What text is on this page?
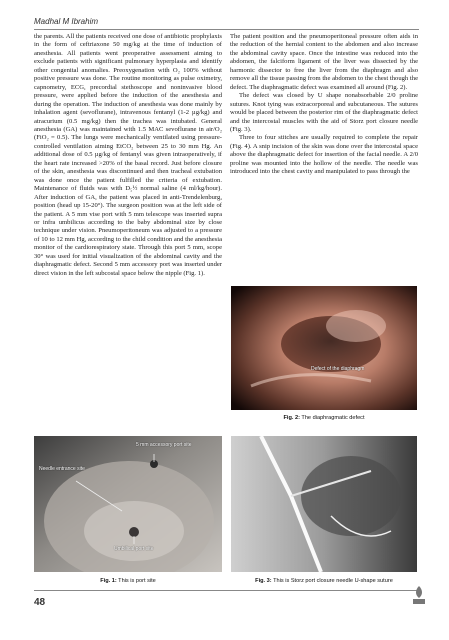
Madhal M Ibrahim

the parents. All the patients received one dose of antibiotic prophylaxis in the form of ceftriaxone 50 mg/kg at the time of induction of anesthesia. All patients went preoperative assessment aiming to exclude patients with significant pulmonary hyperplasia and identify other congenital anomalies. Preoxygenation with O₂ 100% without positive pressure was done. The routine monitoring as pulse oximetry, capnometry, ECG, precordial stethoscope and noninvasive blood pressure, were applied before the induction of the anesthesia and during the operation. The induction of anesthesia was done mainly by inhalation agent (sevoflurane), intravenous fentanyl (1-2 µg/kg) and atracurium (0.5 mg/kg) then the trachea was intubated. General anesthesia (GA) was maintained with 1.5 MAC sevoflurane in air/O₂ (FiO₂ = 0.5). The lungs were mechanically ventilated using pressure-controlled ventilation aiming EtCO₂ between 25 to 30 mm Hg. An additional dose of 0.5 µg/kg of fentanyl was given intraoperatively, if the heart rate increased >20% of the basal record. Just before closure of the skin, anesthesia was discontinued and then tracheal extubation was done once the patient fulfilled the criteria of extubation. Maintenance of fluids was with D₅½ normal saline (4 ml/kg/hour). After induction of GA, the patient was placed in anti-Trendelenburg, position (head up 15-20°). The surgeon position was at the left side of the patient. A 5 mm vise port with 5 mm telescope was inserted supra or infra umbilicus according to the baby abdominal size by close technique under vision. Pneumoperitoneum was adjusted to a pressure of 10 to 12 mm Hg, according to the child condition and the anesthesia monitor of the cardiorespiratory state. Through this port 5 mm, scope 30° was used for initial visualization of the abdominal cavity and the diaphragmatic defect. Second 5 mm accessory port was inserted under direct vision in the left subcostal space below the nipple (Fig. 1).

The patient position and the pneumoperitoneal pressure often aids in the reduction of the hernial content to the abdomen and also increase the abdominal cavity space. Once the intestine was reduced into the abdomen, the falciform ligament of the liver was dissected by the harmonic dissector to free the liver from the diaphragm and also remove all the tissue passing from the abdomen to the chest though the defect. The diaphragmatic defect was examined all around (Fig. 2).

The defect was closed by U shape nonabsorbable 2/0 proline sutures. Knot tying was extracorporeal and subcutaneous. The sutures would be placed between the posterior rim of the diaphragmatic defect and the intercostal muscles with the aid of Storz port closure needle (Fig. 3).

Three to four stitches are usually required to complete the repair (Fig. 4). A snip incision of the skin was done over the intercostal space above the diaphragmatic defect for insertion of the facial needle. A 2/0 proline was mounted into the hollow of the needle. The needle was introduced into the chest cavity and manipulated to pass through the

Defect of the diaphragm
Fig. 2: The diaphragmatic defect
5 mm accessory port site
Needle entrance site
Umbilical port site
Fig. 1: This is port site	Fig. 3: This is Storz port closure needle U-shape suture
48
